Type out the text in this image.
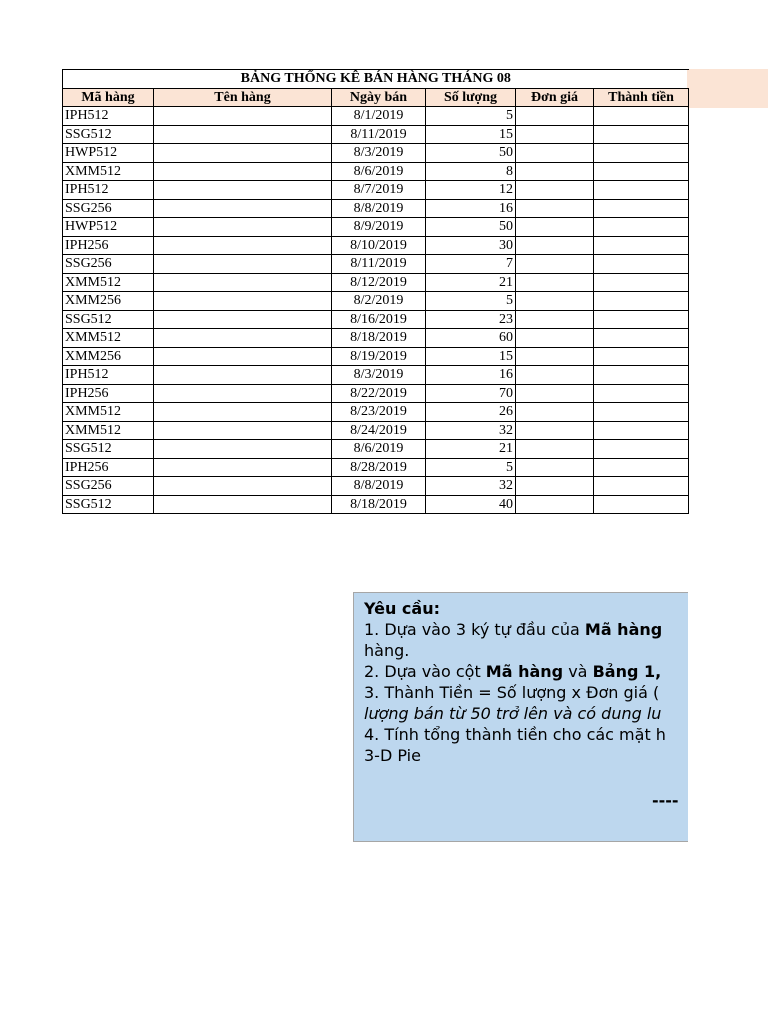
BẢNG THỐNG KÊ BÁN HÀNG THÁNG 08					
Mã hàng	Tên hàng	Ngày bán	Số lượng	Đơn giá	Thành tiền
IPH512		8/1/2019	5		
SSG512		8/11/2019	15		
HWP512		8/3/2019	50		
XMM512		8/6/2019	8		
IPH512		8/7/2019	12		
SSG256		8/8/2019	16		
HWP512		8/9/2019	50		
IPH256		8/10/2019	30		
SSG256		8/11/2019	7		
XMM512		8/12/2019	21		
XMM256		8/2/2019	5		
SSG512		8/16/2019	23		
XMM512		8/18/2019	60		
XMM256		8/19/2019	15		
IPH512		8/3/2019	16		
IPH256		8/22/2019	70		
XMM512		8/23/2019	26		
XMM512		8/24/2019	32		
SSG512		8/6/2019	21		
IPH256		8/28/2019	5		
SSG256		8/8/2019	32		
SSG512		8/18/2019	40		
Yêu cầu:
1. Dựa vào 3 ký tự đầu của Mã hàng
hàng.
2. Dựa vào cột Mã hàng và Bảng 1,
3. Thành Tiền = Số lượng x Đơn giá (
lượng bán từ 50 trở lên và có dung lu
4. Tính tổng thành tiền cho các mặt h
3-D Pie
----
